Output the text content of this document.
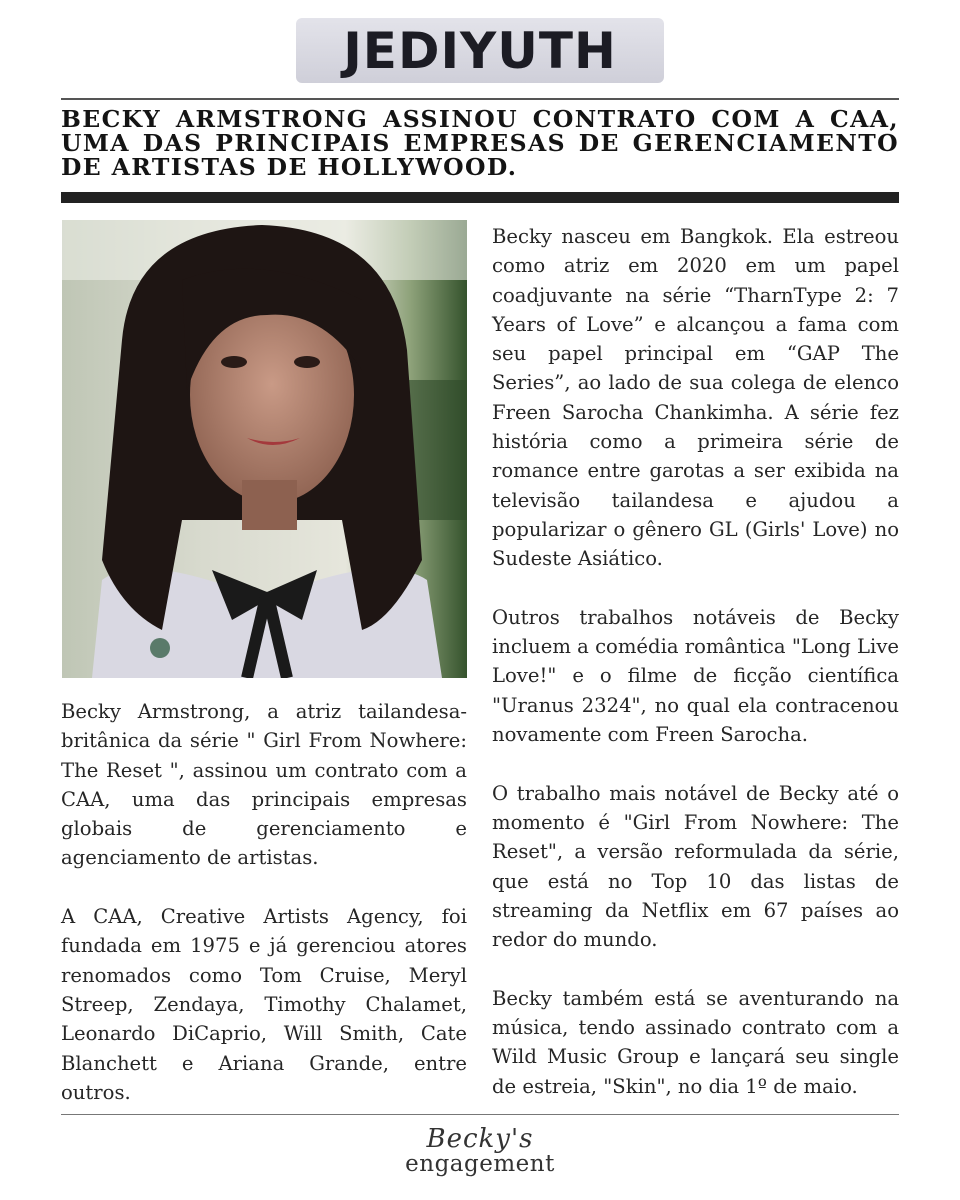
JEDIYUTH
BECKY ARMSTRONG ASSINOU CONTRATO COM A CAA, UMA DAS PRINCIPAIS EMPRESAS DE GERENCIAMENTO DE ARTISTAS DE HOLLYWOOD.

Becky Armstrong, a atriz tailandesa-britânica da série " Girl From Nowhere: The Reset ", assinou um contrato com a CAA, uma das principais empresas globais de gerenciamento e agenciamento de artistas.

A CAA, Creative Artists Agency, foi fundada em 1975 e já gerenciou atores renomados como Tom Cruise, Meryl Streep, Zendaya, Timothy Chalamet, Leonardo DiCaprio, Will Smith, Cate Blanchett e Ariana Grande, entre outros.

Becky nasceu em Bangkok. Ela estreou como atriz em 2020 em um papel coadjuvante na série “TharnType 2: 7 Years of Love” e alcançou a fama com seu papel principal em “GAP The Series”, ao lado de sua colega de elenco Freen Sarocha Chankimha. A série fez história como a primeira série de romance entre garotas a ser exibida na televisão tailandesa e ajudou a popularizar o gênero GL (Girls' Love) no Sudeste Asiático.

Outros trabalhos notáveis de Becky incluem a comédia romântica "Long Live Love!" e o filme de ficção científica "Uranus 2324", no qual ela contracenou novamente com Freen Sarocha.

O trabalho mais notável de Becky até o momento é "Girl From Nowhere: The Reset", a versão reformulada da série, que está no Top 10 das listas de streaming da Netflix em 67 países ao redor do mundo.

Becky também está se aventurando na música, tendo assinado contrato com a Wild Music Group e lançará seu single de estreia, "Skin", no dia 1º de maio.

Becky's
engagement
